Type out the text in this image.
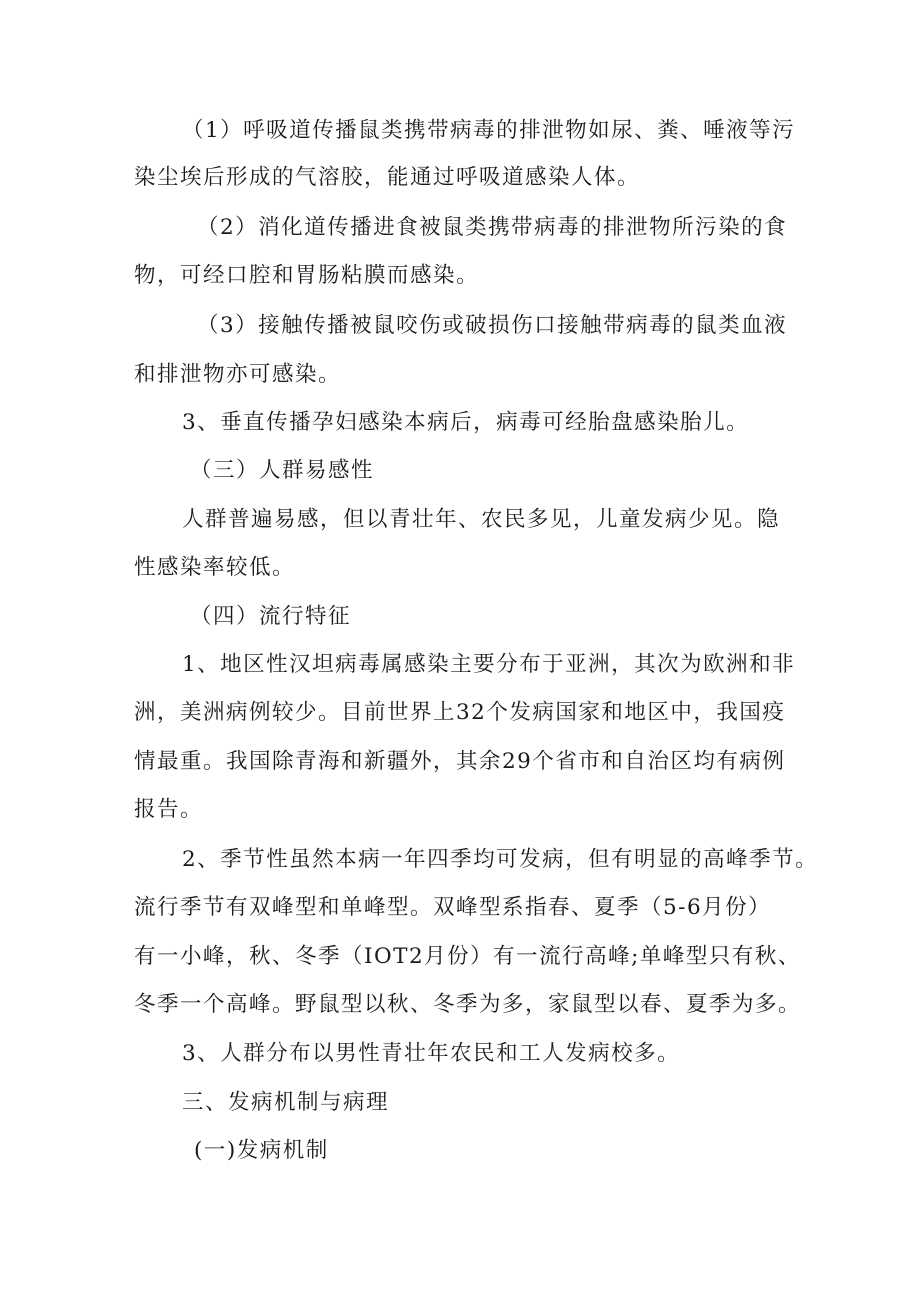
（1）呼吸道传播鼠类携带病毒的排泄物如尿、粪、唾液等污
染尘埃后形成的气溶胶，能通过呼吸道感染人体。
（2）消化道传播进食被鼠类携带病毒的排泄物所污染的食
物，可经口腔和胃肠粘膜而感染。
（3）接触传播被鼠咬伤或破损伤口接触带病毒的鼠类血液
和排泄物亦可感染。
3、垂直传播孕妇感染本病后，病毒可经胎盘感染胎儿。
（三）人群易感性
人群普遍易感，但以青壮年、农民多见，儿童发病少见。隐
性感染率较低。
（四）流行特征
1、地区性汉坦病毒属感染主要分布于亚洲，其次为欧洲和非
洲，美洲病例较少。目前世界上32个发病国家和地区中，我国疫
情最重。我国除青海和新疆外，其余29个省市和自治区均有病例
报告。
2、季节性虽然本病一年四季均可发病，但有明显的高峰季节。
流行季节有双峰型和单峰型。双峰型系指春、夏季（5-6月份）
有一小峰，秋、冬季（IOT2月份）有一流行高峰;单峰型只有秋、
冬季一个高峰。野鼠型以秋、冬季为多，家鼠型以春、夏季为多。
3、人群分布以男性青壮年农民和工人发病校多。
三、发病机制与病理
(一)发病机制
